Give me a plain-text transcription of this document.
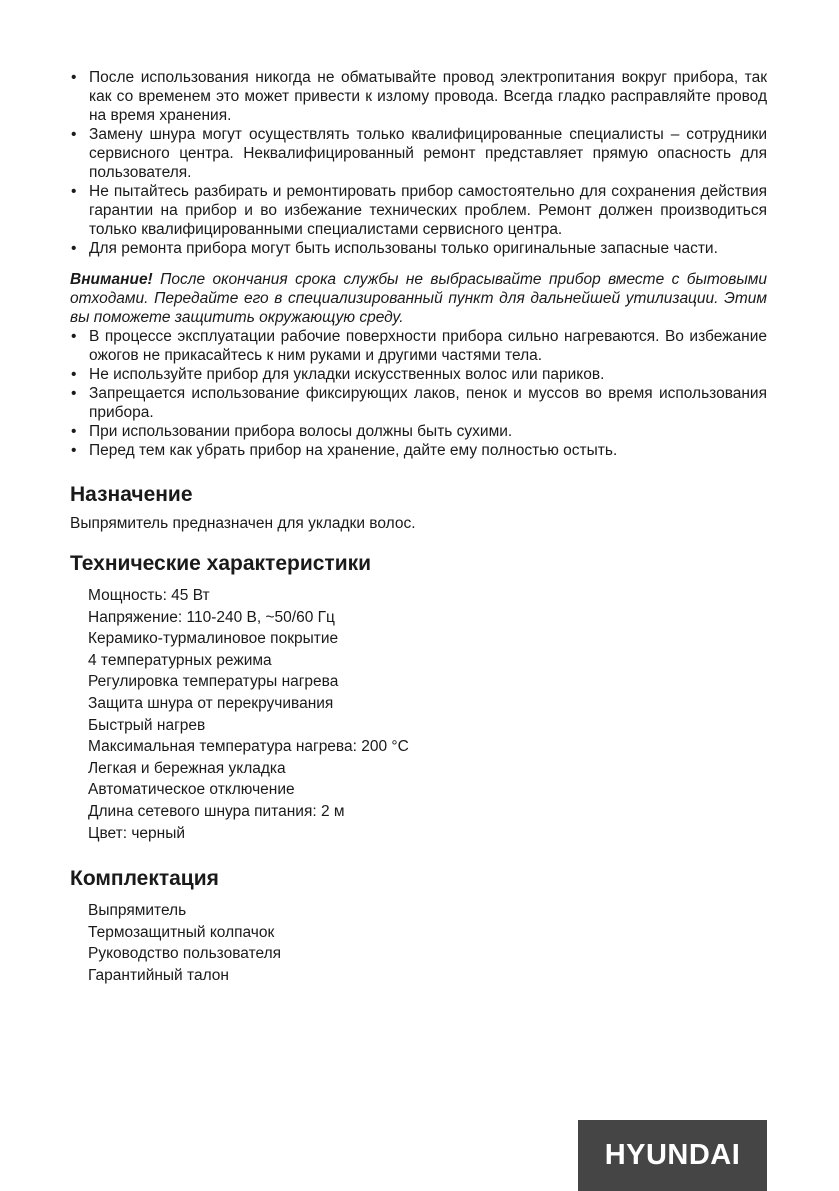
• После использования никогда не обматывайте провод электропитания вокруг прибора, так как со временем это может привести к излому провода. Всегда гладко расправляйте провод на время хранения.
• Замену шнура могут осуществлять только квалифицированные специалисты – сотрудники сервисного центра. Неквалифицированный ремонт представляет прямую опасность для пользователя.
• Не пытайтесь разбирать и ремонтировать прибор самостоятельно для сохранения действия гарантии на прибор и во избежание технических проблем. Ремонт должен производиться только квалифицированными специалистами сервисного центра.
• Для ремонта прибора могут быть использованы только оригинальные запасные части.

Внимание! После окончания срока службы не выбрасывайте прибор вместе с бытовыми отходами. Передайте его в специализированный пункт для дальнейшей утилизации. Этим вы поможете защитить окружающую среду.

• В процессе эксплуатации рабочие поверхности прибора сильно нагреваются. Во избежание ожогов не прикасайтесь к ним руками и другими частями тела.
• Не используйте прибор для укладки искусственных волос или париков.
• Запрещается использование фиксирующих лаков, пенок и муссов во время использования прибора.
• При использовании прибора волосы должны быть сухими.
• Перед тем как убрать прибор на хранение, дайте ему полностью остыть.
Назначение
Выпрямитель предназначен для укладки волос.
Технические характеристики
Мощность: 45 Вт
Напряжение: 110-240 В, ~50/60 Гц
Керамико-турмалиновое покрытие
4 температурных режима
Регулировка температуры нагрева
Защита шнура от перекручивания
Быстрый нагрев
Максимальная температура нагрева: 200 °С
Легкая и бережная укладка
Автоматическое отключение
Длина сетевого шнура питания: 2 м
Цвет: черный
Комплектация
Выпрямитель
Термозащитный колпачок
Руководство пользователя
Гарантийный талон
HYUNDAI
